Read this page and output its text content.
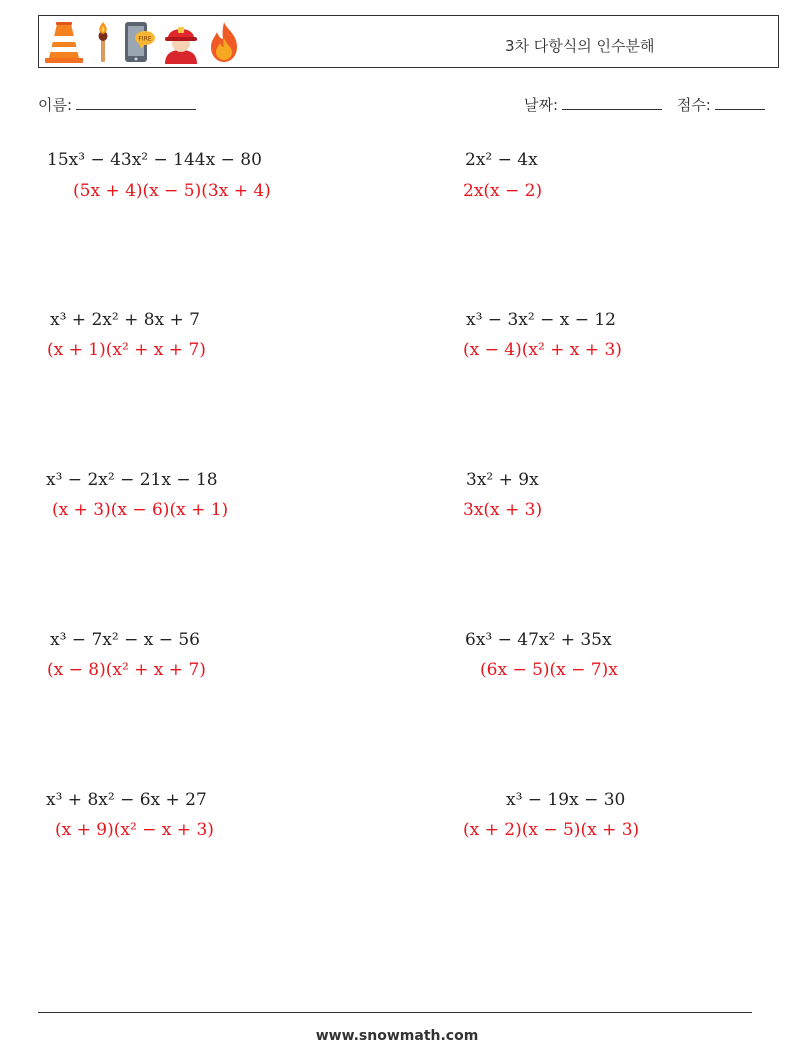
FIRE	3차 다항식의 인수분해
이름:	날짜:	점수:
15x³ − 43x² − 144x − 80
(5x + 4)(x − 5)(3x + 4)
2x² − 4x
2x(x − 2)
x³ + 2x² + 8x + 7
(x + 1)(x² + x + 7)
x³ − 3x² − x − 12
(x − 4)(x² + x + 3)
x³ − 2x² − 21x − 18
(x + 3)(x − 6)(x + 1)
3x² + 9x
3x(x + 3)
x³ − 7x² − x − 56
(x − 8)(x² + x + 7)
6x³ − 47x² + 35x
(6x − 5)(x − 7)x
x³ + 8x² − 6x + 27
(x + 9)(x² − x + 3)
x³ − 19x − 30
(x + 2)(x − 5)(x + 3)
www.snowmath.com
